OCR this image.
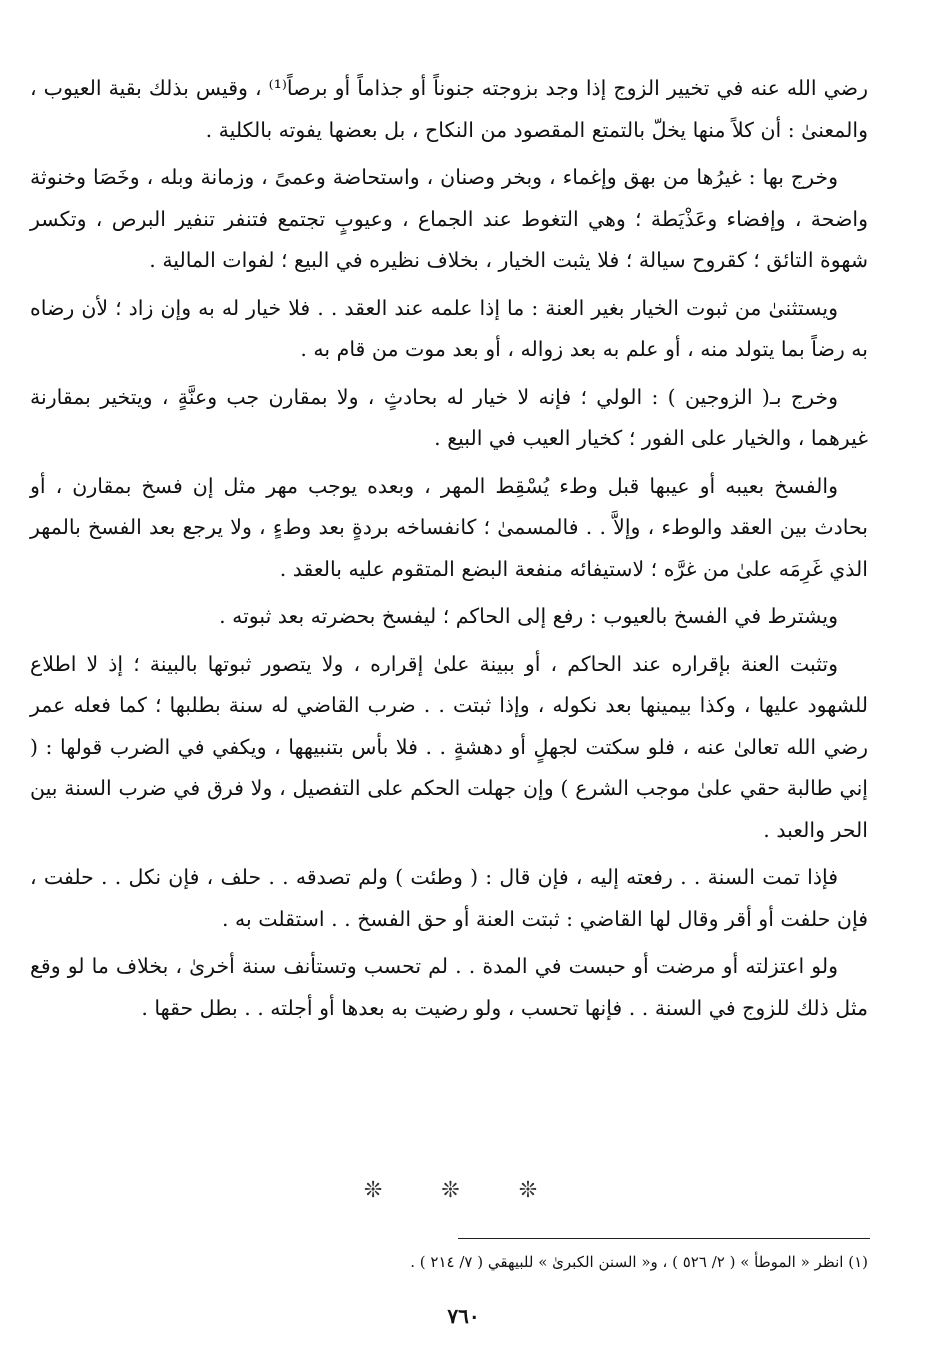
رضي الله عنه في تخيير الزوج إذا وجد بزوجته جنوناً أو جذاماً أو برصاً⁽¹⁾ ، وقيس بذلك بقية العيوب ، والمعنىٰ : أن كلاً منها يخلّ بالتمتع المقصود من النكاح ، بل بعضها يفوته بالكلية .

وخرج بها : غيرُها من بهق وإغماء ، وبخر وصنان ، واستحاضة وعمىً ، وزمانة وبله ، وخَصَا وخنوثة واضحة ، وإفضاء وعَذْيَطة ؛ وهي التغوط عند الجماع ، وعيوبٍ تجتمع فتنفر تنفير البرص ، وتكسر شهوة التائق ؛ كقروح سيالة ؛ فلا يثبت الخيار ، بخلاف نظيره في البيع ؛ لفوات المالية .

ويستثنىٰ من ثبوت الخيار بغير العنة : ما إذا علمه عند العقد . . فلا خيار له به وإن زاد ؛ لأن رضاه به رضاً بما يتولد منه ، أو علم به بعد زواله ، أو بعد موت من قام به .

وخرج بـ( الزوجين ) : الولي ؛ فإنه لا خيار له بحادثٍ ، ولا بمقارن جب وعنَّةٍ ، ويتخير بمقارنة غيرهما ، والخيار على الفور ؛ كخيار العيب في البيع .

والفسخ بعيبه أو عيبها قبل وطء يُسْقِط المهر ، وبعده يوجب مهر مثل إن فسخ بمقارن ، أو بحادث بين العقد والوطء ، وإلاَّ . . فالمسمىٰ ؛ كانفساخه بردةٍ بعد وطءٍ ، ولا يرجع بعد الفسخ بالمهر الذي غَرِمَه علىٰ من غرَّه ؛ لاستيفائه منفعة البضع المتقوم عليه بالعقد .

ويشترط في الفسخ بالعيوب : رفع إلى الحاكم ؛ ليفسخ بحضرته بعد ثبوته .

وتثبت العنة بإقراره عند الحاكم ، أو ببينة علىٰ إقراره ، ولا يتصور ثبوتها بالبينة ؛ إذ لا اطلاع للشهود عليها ، وكذا بيمينها بعد نكوله ، وإذا ثبتت . . ضرب القاضي له سنة بطلبها ؛ كما فعله عمر رضي الله تعالىٰ عنه ، فلو سكتت لجهلٍ أو دهشةٍ . . فلا بأس بتنبيهها ، ويكفي في الضرب قولها : ( إني طالبة حقي علىٰ موجب الشرع ) وإن جهلت الحكم على التفصيل ، ولا فرق في ضرب السنة بين الحر والعبد .

فإذا تمت السنة . . رفعته إليه ، فإن قال : ( وطئت ) ولم تصدقه . . حلف ، فإن نكل . . حلفت ، فإن حلفت أو أقر وقال لها القاضي : ثبتت العنة أو حق الفسخ . . استقلت به .

ولو اعتزلته أو مرضت أو حبست في المدة . . لم تحسب وتستأنف سنة أخرىٰ ، بخلاف ما لو وقع مثل ذلك للزوج في السنة . . فإنها تحسب ، ولو رضيت به بعدها أو أجلته . . بطل حقها .

❊ ❊ ❊
(١) انظر « الموطأ » ( ٢/ ٥٢٦ ) ، و« السنن الكبرىٰ » للبيهقي ( ٧/ ٢١٤ ) .
٧٦٠
